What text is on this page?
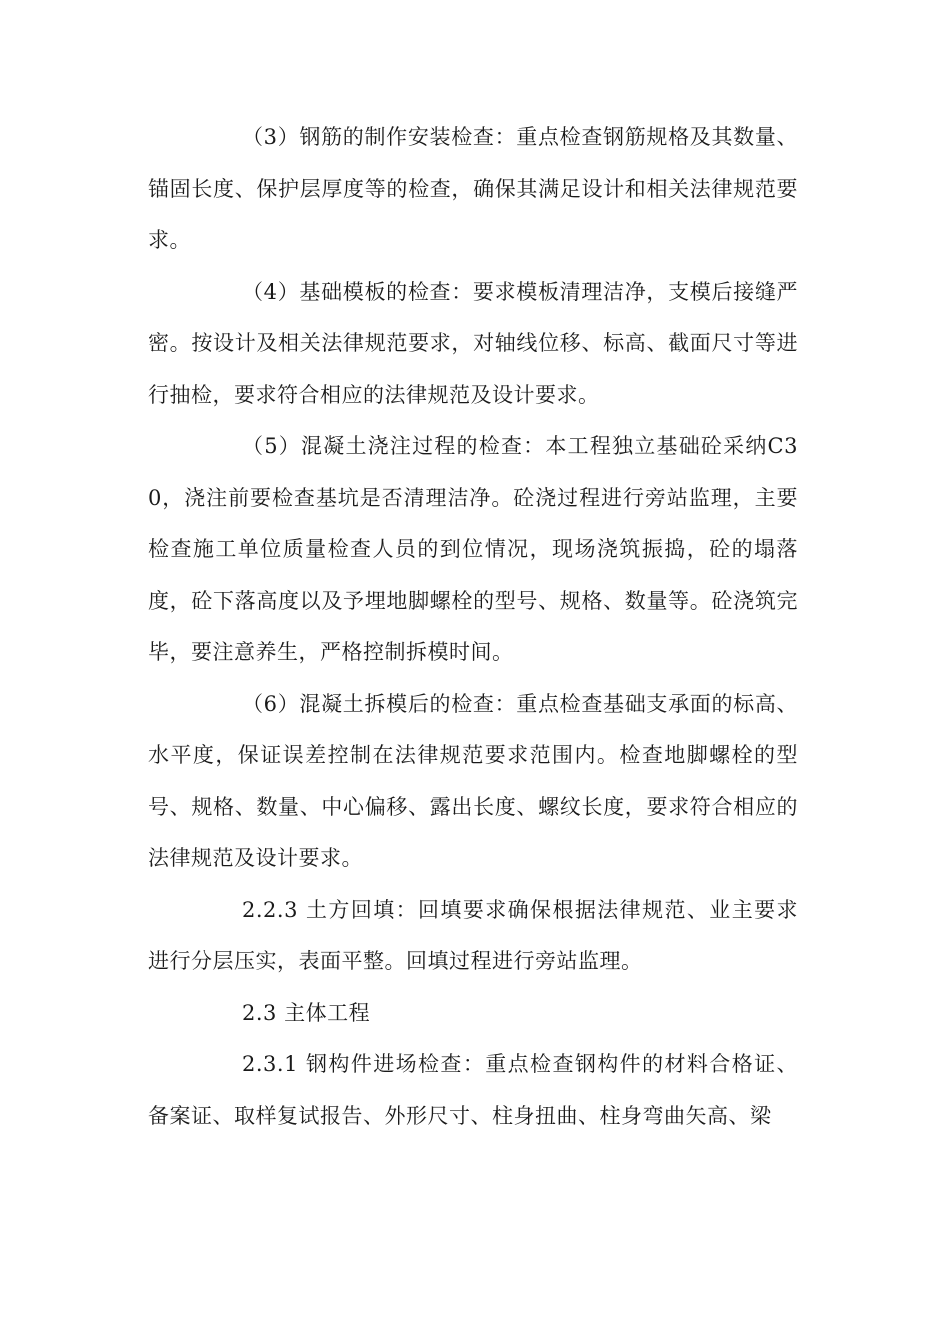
（3）钢筋的制作安装检查：重点检查钢筋规格及其数量、锚固长度、保护层厚度等的检查，确保其满足设计和相关法律规范要求。

（4）基础模板的检查：要求模板清理洁净，支模后接缝严密。按设计及相关法律规范要求，对轴线位移、标高、截面尺寸等进行抽检，要求符合相应的法律规范及设计要求。

（5）混凝土浇注过程的检查：本工程独立基础砼采纳C30，浇注前要检查基坑是否清理洁净。砼浇过程进行旁站监理，主要检查施工单位质量检查人员的到位情况，现场浇筑振捣，砼的塌落度，砼下落高度以及予埋地脚螺栓的型号、规格、数量等。砼浇筑完毕，要注意养生，严格控制拆模时间。

（6）混凝土拆模后的检查：重点检查基础支承面的标高、水平度，保证误差控制在法律规范要求范围内。检查地脚螺栓的型号、规格、数量、中心偏移、露出长度、螺纹长度，要求符合相应的法律规范及设计要求。

2.2.3 土方回填：回填要求确保根据法律规范、业主要求进行分层压实，表面平整。回填过程进行旁站监理。

2.3 主体工程

2.3.1 钢构件进场检查：重点检查钢构件的材料合格证、备案证、取样复试报告、外形尺寸、柱身扭曲、柱身弯曲矢高、梁
